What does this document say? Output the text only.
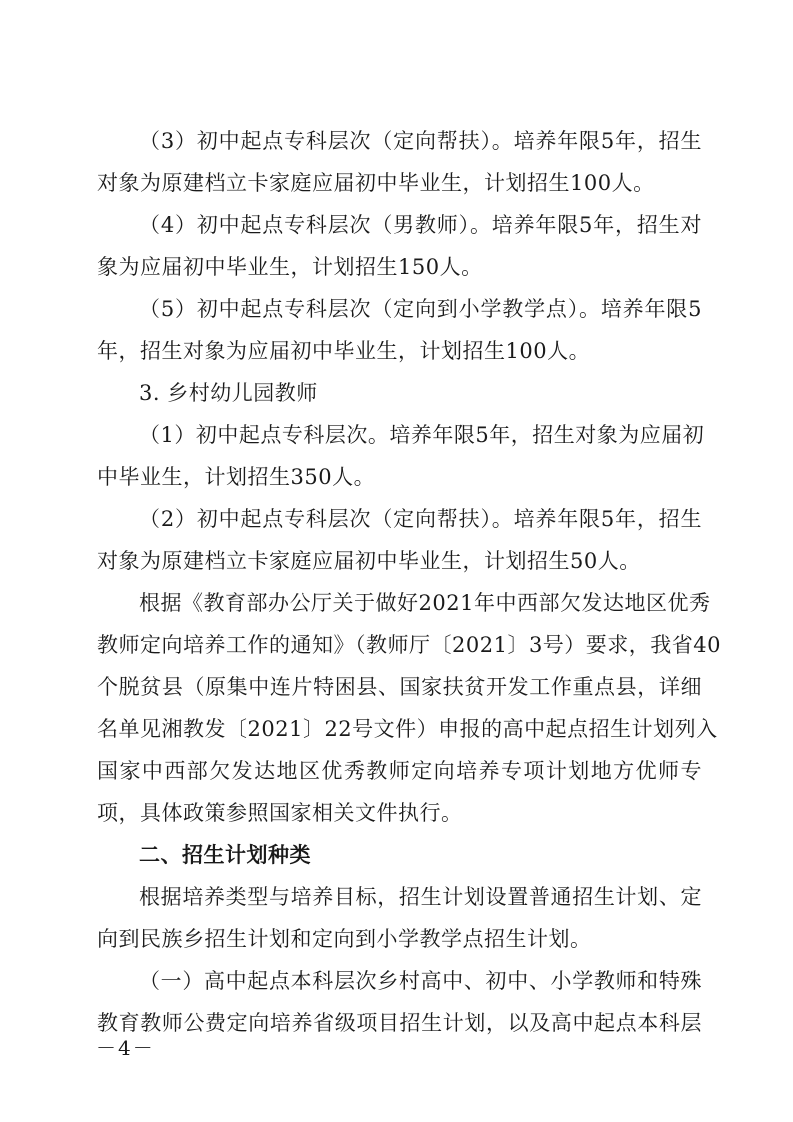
（3）初中起点专科层次（定向帮扶）。培养年限5年，招生
对象为原建档立卡家庭应届初中毕业生，计划招生100人。
（4）初中起点专科层次（男教师）。培养年限5年，招生对
象为应届初中毕业生，计划招生150人。
（5）初中起点专科层次（定向到小学教学点）。培养年限5
年，招生对象为应届初中毕业生，计划招生100人。
3. 乡村幼儿园教师
（1）初中起点专科层次。培养年限5年，招生对象为应届初
中毕业生，计划招生350人。
（2）初中起点专科层次（定向帮扶）。培养年限5年，招生
对象为原建档立卡家庭应届初中毕业生，计划招生50人。
根据《教育部办公厅关于做好2021年中西部欠发达地区优秀
教师定向培养工作的通知》（教师厅〔2021〕3号）要求，我省40
个脱贫县（原集中连片特困县、国家扶贫开发工作重点县，详细
名单见湘教发〔2021〕22号文件）申报的高中起点招生计划列入
国家中西部欠发达地区优秀教师定向培养专项计划地方优师专
项，具体政策参照国家相关文件执行。
二、招生计划种类
根据培养类型与培养目标，招生计划设置普通招生计划、定
向到民族乡招生计划和定向到小学教学点招生计划。
（一）高中起点本科层次乡村高中、初中、小学教师和特殊
教育教师公费定向培养省级项目招生计划，以及高中起点本科层
－4－
